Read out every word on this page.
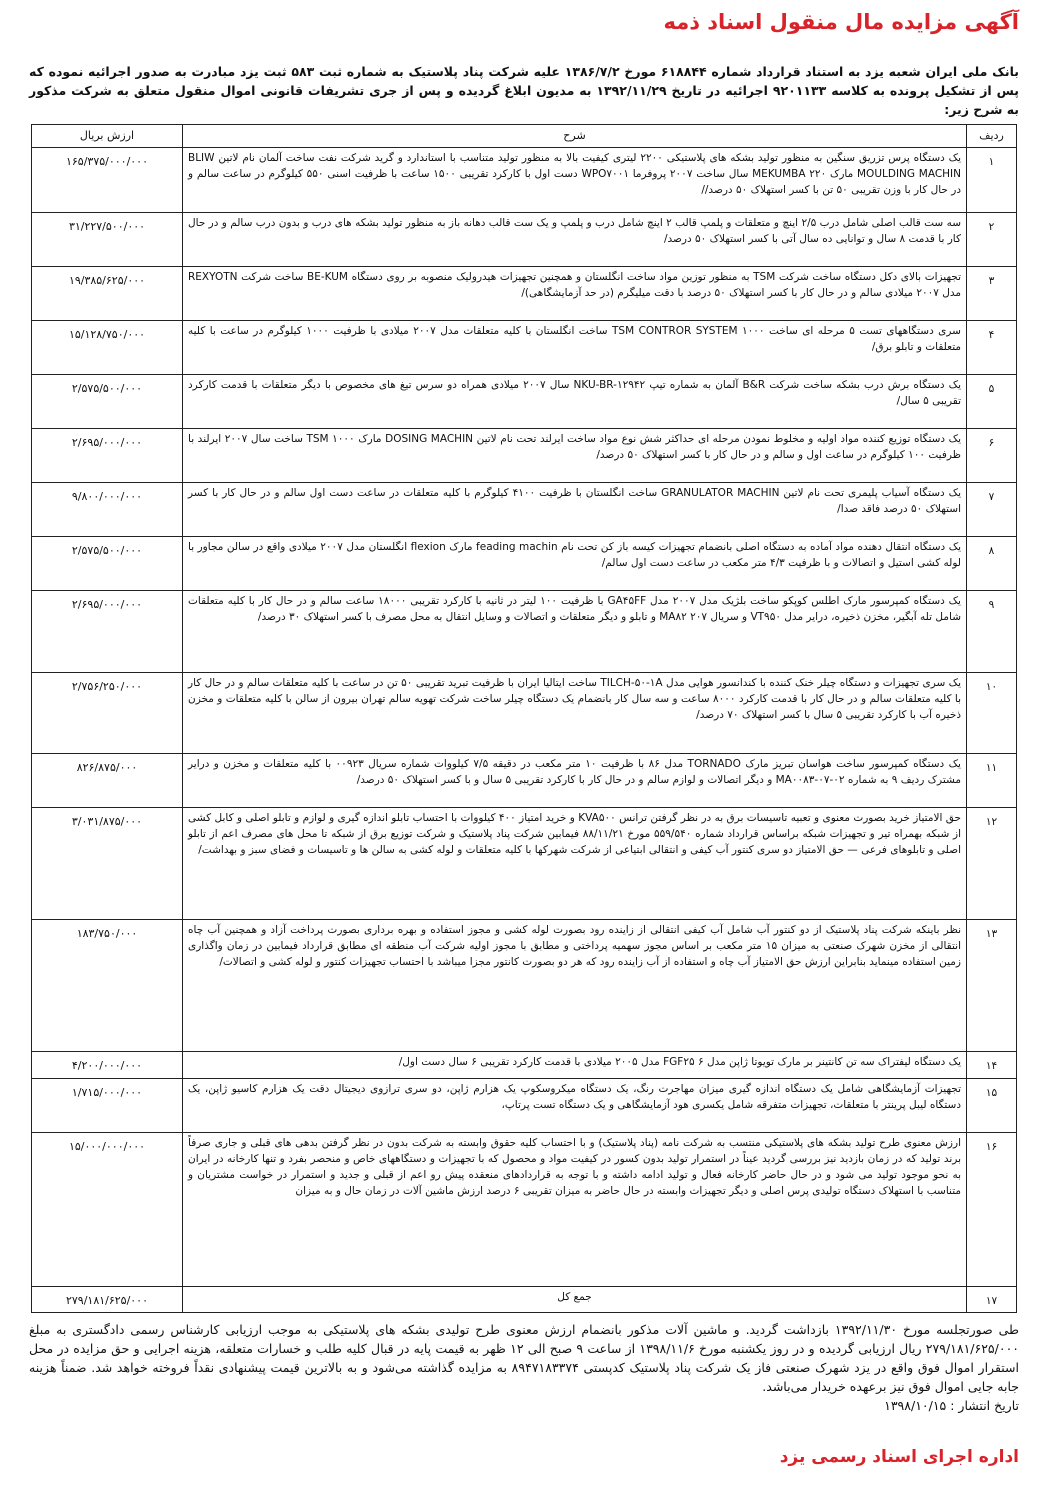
آگهی مزایده مال منقول اسناد ذمه
بانک ملی ایران شعبه یزد به استناد قرارداد شماره ۶۱۸۸۴۴ مورخ ۱۳۸۶/۷/۲ علیه شرکت پناد پلاستیک به شماره ثبت ۵۸۳ ثبت یزد مبادرت به صدور اجرائیه نموده که پس از تشکیل پرونده به کلاسه ۹۲۰۱۱۳۳ اجرائیه در تاریخ ۱۳۹۲/۱۱/۲۹ به مدیون ابلاغ گردیده و پس از جری تشریفات قانونی اموال منقول متعلق به شرکت مذکور به شرح زیر:
ردیف	شرح	ارزش بریال
۱	یک دستگاه پرس تزریق سنگین به منظور تولید بشکه های پلاستیکی ۲۲۰۰ لیتری کیفیت بالا به منظور تولید متناسب با استاندارد و گرید شرکت نفت ساخت آلمان نام لاتین BLIW MOULDING MACHIN مارک MEKUMBA ۲۲۰ سال ساخت ۲۰۰۷ پروفرما WPO۷۰۰۱ دست اول با کارکرد تقریبی ۱۵۰۰ ساعت با ظرفیت اسنی ۵۵۰ کیلوگرم در ساعت سالم و در حال کار با وزن تقریبی ۵۰ تن با کسر استهلاک ۵۰ درصد//	۱۶۵/۳۷۵/۰۰۰/۰۰۰
۲	سه ست قالب اصلی شامل درب ۲/۵ اینچ و متعلقات و پلمپ قالب ۲ اینچ شامل درب و پلمپ و یک ست قالب دهانه باز به منظور تولید بشکه های درب و بدون درب سالم و در حال کار با قدمت ۸ سال و توانایی ده سال آتی با کسر استهلاک ۵۰ درصد/	۳۱/۲۲۷/۵۰۰/۰۰۰
۳	تجهیزات بالای دکل دستگاه ساخت شرکت TSM به منظور توزین مواد ساخت انگلستان و همچنین تجهیزات هیدرولیک منصوبه بر روی دستگاه BE-KUM ساخت شرکت REXYOTN مدل ۲۰۰۷ میلادی سالم و در حال کار با کسر استهلاک ۵۰ درصد با دقت میلیگرم (در حد آزمایشگاهی)/	۱۹/۳۸۵/۶۲۵/۰۰۰
۴	سری دستگاههای تست ۵ مرحله ای ساخت TSM CONTROR SYSTEM ۱۰۰۰ ساخت انگلستان با کلیه متعلقات مدل ۲۰۰۷ میلادی با ظرفیت ۱۰۰۰ کیلوگرم در ساعت با کلیه متعلقات و تابلو برق/	۱۵/۱۲۸/۷۵۰/۰۰۰
۵	یک دستگاه برش درب بشکه ساخت شرکت B&R آلمان به شماره تیپ NKU-BR-۱۲۹۴۲ سال ۲۰۰۷ میلادی همراه دو سرس تیغ های مخصوص با دیگر متعلقات با قدمت کارکرد تقریبی ۵ سال/	۲/۵۷۵/۵۰۰/۰۰۰
۶	یک دستگاه توزیع کننده مواد اولیه و مخلوط نمودن مرحله ای حداکثر شش نوع مواد ساخت ایرلند تحت نام لاتین DOSING MACHIN مارک TSM ۱۰۰۰ ساخت سال ۲۰۰۷ ایرلند با ظرفیت ۱۰۰ کیلوگرم در ساعت اول و سالم و در حال کار با کسر استهلاک ۵۰ درصد/	۲/۶۹۵/۰۰۰/۰۰۰
۷	یک دستگاه آسیاب پلیمری تحت نام لاتین GRANULATOR MACHIN ساخت انگلستان با ظرفیت ۴۱۰۰ کیلوگرم با کلیه متعلقات در ساعت دست اول سالم و در حال کار با کسر استهلاک ۵۰ درصد فاقد صدا/	۹/۸۰۰/۰۰۰/۰۰۰
۸	یک دستگاه انتقال دهنده مواد آماده به دستگاه اصلی بانضمام تجهیزات کیسه باز کن تحت نام feading machin مارک flexion انگلستان مدل ۲۰۰۷ میلادی واقع در سالن مجاور با لوله کشی استیل و اتصالات و با ظرفیت ۴/۳ متر مکعب در ساعت دست اول سالم/	۲/۵۷۵/۵۰۰/۰۰۰
۹	یک دستگاه کمپرسور مارک اطلس کوپکو ساخت بلژیک مدل ۲۰۰۷ مدل GA۴۵FF با ظرفیت ۱۰۰ لیتر در ثانیه با کارکرد تقریبی ۱۸۰۰۰ ساعت سالم و در حال کار با کلیه متعلقات شامل تله آبگیر، مخزن ذخیره، درایر مدل VT۹۵۰ و سریال MA۸۲ ۲۰۷ و تابلو و دیگر متعلقات و اتصالات و وسایل انتقال به محل مصرف با کسر استهلاک ۳۰ درصد/	۲/۶۹۵/۰۰۰/۰۰۰
۱۰	یک سری تجهیزات و دستگاه چیلر خنک کننده با کندانسور هوایی مدل TILCH-۵۰-۱A ساخت ایتالیا ایران با ظرفیت تبرید تقریبی ۵۰ تن در ساعت با کلیه متعلقات سالم و در حال کار با کلیه متعلقات سالم و در حال کار با قدمت کارکرد ۸۰۰۰ ساعت و سه سال کار بانضمام یک دستگاه چیلر ساخت شرکت تهویه سالم تهران بیرون از سالن با کلیه متعلقات و مخزن ذخیره آب با کارکرد تقریبی ۵ سال با کسر استهلاک ۷۰ درصد/	۲/۷۵۶/۲۵۰/۰۰۰
۱۱	یک دستگاه کمپرسور ساخت هواسان تبریز مارک TORNADO مدل ۸۶ با ظرفیت ۱۰ متر مکعب در دقیقه ۷/۵ کیلووات شماره سریال ۰۰۹۲۳ با کلیه متعلقات و مخزن و درایر مشترک ردیف ۹ به شماره MA۰۰۸۳-۰۷-۰۲ و دیگر اتصالات و لوازم سالم و در حال کار با کارکرد تقریبی ۵ سال و با کسر استهلاک ۵۰ درصد/	۸۲۶/۸۷۵/۰۰۰
۱۲	حق الامتیاز خرید بصورت معنوی و تعبیه تاسیسات برق به در نظر گرفتن ترانس KVA۵۰۰ و خرید امتیاز ۴۰۰ کیلووات با احتساب تابلو اندازه گیری و لوازم و تابلو اصلی و کابل کشی از شبکه بهمراه تیر و تجهیزات شبکه براساس قرارداد شماره ۵۵۹/۵۴۰ مورخ ۸۸/۱۱/۲۱ فیمابین شرکت پناد پلاستیک و شرکت توزیع برق از شبکه تا محل های مصرف اعم از تابلو اصلی و تابلوهای فرعی — حق الامتیاز دو سری کنتور آب کیفی و انتقالی ابتیاعی از شرکت شهرکها با کلیه متعلقات و لوله کشی به سالن ها و تاسیسات و فضای سبز و بهداشت/	۳/۰۳۱/۸۷۵/۰۰۰
۱۳	نظر باینکه شرکت پناد پلاستیک از دو کنتور آب شامل آب کیفی انتقالی از زاینده رود بصورت لوله کشی و مجوز استفاده و بهره برداری بصورت پرداخت آزاد و همچنین آب چاه انتقالی از مخزن شهرک صنعتی به میزان ۱۵ متر مکعب بر اساس مجوز سهمیه پرداختی و مطابق با مجوز اولیه شرکت آب منطقه ای مطابق قرارداد فیمابین در زمان واگذاری زمین استفاده مینماید بنابراین ارزش حق الامتیاز آب چاه و استفاده از آب زاینده رود که هر دو بصورت کانتور مجزا میباشد با احتساب تجهیزات کنتور و لوله کشی و اتصالات/	۱۸۳/۷۵۰/۰۰۰
۱۴	یک دستگاه لیفتراک سه تن کانتینر بر مارک تویوتا ژاپن مدل FGF۲۵ ۶ مدل ۲۰۰۵ میلادی با قدمت کارکرد تقریبی ۶ سال دست اول/	۴/۲۰۰/۰۰۰/۰۰۰
۱۵	تجهیزات آزمایشگاهی شامل یک دستگاه اندازه گیری میزان مهاجرت رنگ، یک دستگاه میکروسکوپ یک هزارم ژاپن، دو سری ترازوی دیجیتال دقت یک هزارم کاسیو ژاپن، یک دستگاه لیبل پرینتر با متعلقات، تجهیزات متفرقه شامل یکسری هود آزمایشگاهی و یک دستگاه تست پرتاپ،	۱/۷۱۵/۰۰۰/۰۰۰
۱۶	ارزش معنوی طرح تولید بشکه های پلاستیکی منتسب به شرکت نامه (پناد پلاستیک) و با احتساب کلیه حقوق وابسته به شرکت بدون در نظر گرفتن بدهی های قبلی و جاری صرفاً برند تولید که در زمان بازدید نیز بررسی گردید عیناً در استمرار تولید بدون کسور در کیفیت مواد و محصول که با تجهیزات و دستگاههای خاص و منحصر بفرد و تنها کارخانه در ایران به نحو موجود تولید می شود و در حال حاضر کارخانه فعال و تولید ادامه داشته و با توجه به قراردادهای منعقده پیش رو اعم از قبلی و جدید و استمرار در خواست مشتریان و متناسب با استهلاک دستگاه تولیدی پرس اصلی و دیگر تجهیزات وابسته در حال حاضر به میزان تقریبی ۶ درصد ارزش ماشین آلات در زمان حال و به میزان	۱۵/۰۰۰/۰۰۰/۰۰۰
۱۷	جمع کل	۲۷۹/۱۸۱/۶۲۵/۰۰۰
طی صورتجلسه مورخ ۱۳۹۲/۱۱/۳۰ بازداشت گردید. و ماشین آلات مذکور بانضمام ارزش معنوی طرح تولیدی بشکه های پلاستیکی به موجب ارزیابی کارشناس رسمی دادگستری به مبلغ ۲۷۹/۱۸۱/۶۲۵/۰۰۰ ریال ارزیابی گردیده و در روز یکشنبه مورخ ۱۳۹۸/۱۱/۶ از ساعت ۹ صبح الی ۱۲ ظهر به قیمت پایه در قبال کلیه طلب و خسارات متعلقه، هزینه اجرایی و حق مزایده در محل استقرار اموال فوق واقع در یزد شهرک صنعتی فاز یک شرکت پناد پلاستیک کدپستی ۸۹۴۷۱۸۳۳۷۴ به مزایده گذاشته می‌شود و به بالاترین قیمت پیشنهادی نقداً فروخته خواهد شد. ضمناً هزینه جابه جایی اموال فوق نیز برعهده خریدار می‌باشد.
تاریخ انتشار : ۱۳۹۸/۱۰/۱۵
اداره اجرای اسناد رسمی یزد
